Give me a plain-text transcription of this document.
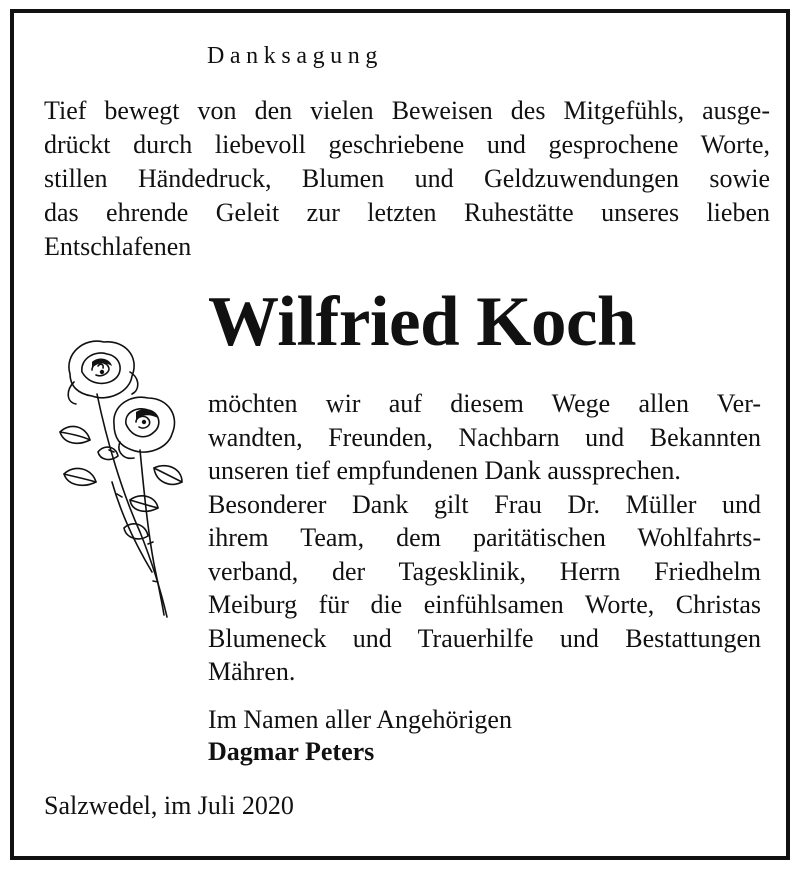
Danksagung
Tief bewegt von den vielen Beweisen des Mitgefühls, ausge-
drückt durch liebevoll geschriebene und gesprochene Worte,
stillen Händedruck, Blumen und Geldzuwendungen sowie
das ehrende Geleit zur letzten Ruhestätte unseres lieben
Entschlafenen
Wilfried Koch
möchten wir auf diesem Wege allen Ver-
wandten, Freunden, Nachbarn und Bekannten
unseren tief empfundenen Dank aussprechen.
Besonderer Dank gilt Frau Dr. Müller und
ihrem Team, dem paritätischen Wohlfahrts-
verband, der Tagesklinik, Herrn Friedhelm
Meiburg für die einfühlsamen Worte, Christas
Blumeneck und Trauerhilfe und Bestattungen
Mähren.
Im Namen aller Angehörigen
Dagmar Peters
Salzwedel, im Juli 2020
